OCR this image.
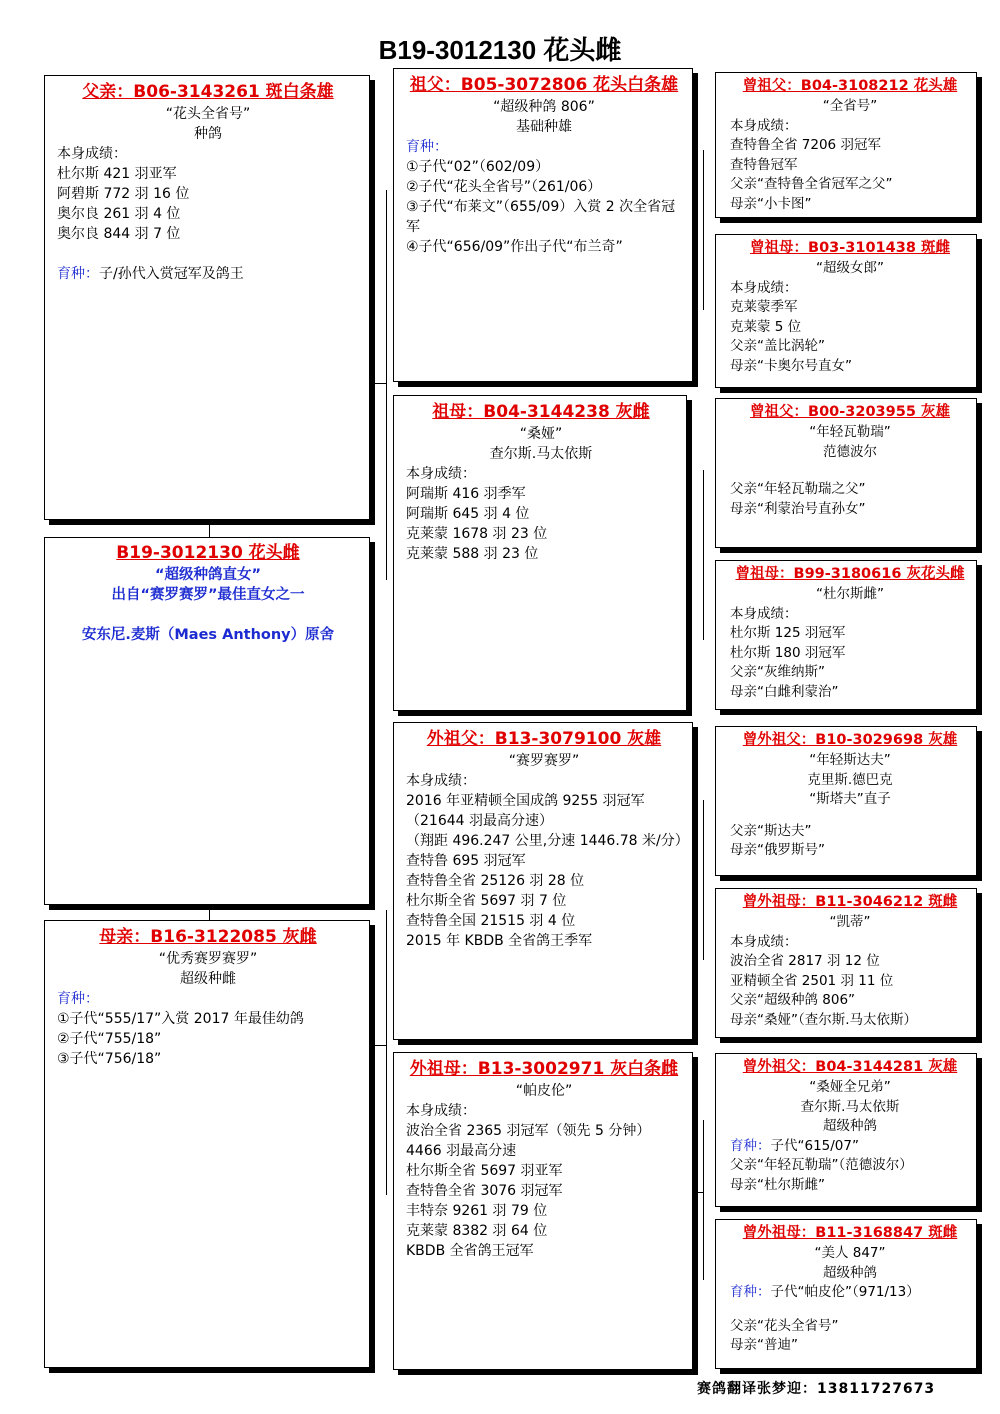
B19-3012130 花头雌
父亲：B06-3143261 斑白条雄
“花头全省号”
种鸽
本身成绩：
杜尔斯 421 羽亚军
阿碧斯 772 羽 16 位
奥尔良 261 羽 4 位
奥尔良 844 羽 7 位
育种：子/孙代入赏冠军及鸽王
B19-3012130 花头雌
“超级种鸽直女”
出自“赛罗赛罗”最佳直女之一
安东尼.麦斯（Maes Anthony）原舍
母亲：B16-3122085 灰雌
“优秀赛罗赛罗”
超级种雌
育种：
①子代“555/17”入赏 2017 年最佳幼鸽
②子代“755/18”
③子代“756/18”
祖父：B05-3072806 花头白条雄
“超级种鸽 806”
基础种雄
育种：
①子代“02”（602/09）
②子代“花头全省号”（261/06）
③子代“布莱文”（655/09）入赏 2 次全省冠军
④子代“656/09”作出子代“布兰奇”
祖母：B04-3144238 灰雌
“桑娅”
查尔斯.马太依斯
本身成绩：
阿瑞斯 416 羽季军
阿瑞斯 645 羽 4 位
克莱蒙 1678 羽 23 位
克莱蒙 588 羽 23 位
外祖父：B13-3079100 灰雄
“赛罗赛罗”
本身成绩：
2016 年亚精顿全国成鸽 9255 羽冠军
（21644 羽最高分速）
（翔距 496.247 公里,分速 1446.78 米/分）
查特鲁 695 羽冠军
查特鲁全省 25126 羽 28 位
杜尔斯全省 5697 羽 7 位
查特鲁全国 21515 羽 4 位
2015 年 KBDB 全省鸽王季军
外祖母：B13-3002971 灰白条雌
“帕皮伦”
本身成绩：
波治全省 2365 羽冠军（领先 5 分钟）
4466 羽最高分速
杜尔斯全省 5697 羽亚军
查特鲁全省 3076 羽冠军
丰特奈 9261 羽 79 位
克莱蒙 8382 羽 64 位
KBDB 全省鸽王冠军
曾祖父：B04-3108212 花头雄
“全省号”
本身成绩：
查特鲁全省 7206 羽冠军
查特鲁冠军
父亲“查特鲁全省冠军之父”
母亲“小卡图”
曾祖母：B03-3101438 斑雌
“超级女郎”
本身成绩：
克莱蒙季军
克莱蒙 5 位
父亲“盖比涡轮”
母亲“卡奥尔号直女”
曾祖父：B00-3203955 灰雄
“年轻瓦勒瑞”
范德波尔
父亲“年轻瓦勒瑞之父”
母亲“利蒙治号直孙女”
曾祖母：B99-3180616 灰花头雌
“杜尔斯雌”
本身成绩：
杜尔斯 125 羽冠军
杜尔斯 180 羽冠军
父亲“灰维纳斯”
母亲“白雌利蒙治”
曾外祖父：B10-3029698 灰雄
“年轻斯达夫”
克里斯.德巴克
“斯塔夫”直子
父亲“斯达夫”
母亲“俄罗斯号”
曾外祖母：B11-3046212 斑雌
“凯蒂”
本身成绩：
波治全省 2817 羽 12 位
亚精顿全省 2501 羽 11 位
父亲“超级种鸽 806”
母亲“桑娅”（查尔斯.马太依斯）
曾外祖父：B04-3144281 灰雄
“桑娅全兄弟”
查尔斯.马太依斯
超级种鸽
育种：子代“615/07”
父亲“年轻瓦勒瑞”（范德波尔）
母亲“杜尔斯雌”
曾外祖母：B11-3168847 斑雌
“美人 847”
超级种鸽
育种：子代“帕皮伦”（971/13）
父亲“花头全省号”
母亲“普迪”
赛鸽翻译张梦迎：13811727673
